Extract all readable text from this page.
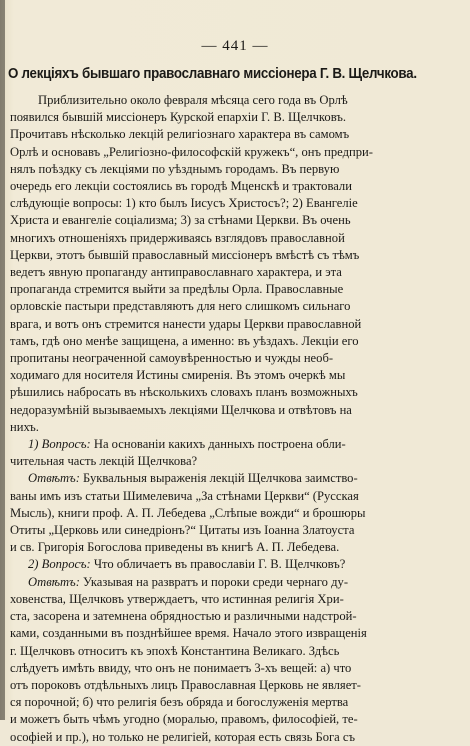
— 441 —
О лекціяхъ бывшаго православнаго миссіонера Г. В. Щелчкова.
Приблизительно около февраля мѣсяца сего года въ Орлѣ
появился бывшій миссіонеръ Курской епархіи Г. В. Щелчковъ.
Прочитавъ нѣсколько лекцій религіознаго характера въ самомъ
Орлѣ и основавъ „Религіозно-философскій кружекъ“, онъ предпри-
нялъ поѣздку съ лекціями по уѣзднымъ городамъ. Въ первую
очередь его лекціи состоялись въ городѣ Мценскѣ и трактовали
слѣдующіе вопросы: 1) кто былъ Іисусъ Христосъ?; 2) Евангеліе
Христа и евангеліе соціализма; 3) за стѣнами Церкви. Въ очень
многихъ отношеніяхъ придерживаясь взглядовъ православной
Церкви, этотъ бывшій православный миссіонеръ вмѣстѣ съ тѣмъ
ведетъ явную пропаганду антиправославнаго характера, и эта
пропаганда стремится выйти за предѣлы Орла. Православные
орловскіе пастыри представляютъ для него слишкомъ сильнаго
врага, и вотъ онъ стремится нанести удары Церкви православной
тамъ, гдѣ оно менѣе защищена, а именно: въ уѣздахъ. Лекціи его
пропитаны неограченной самоувѣренностью и чужды необ-
ходимаго для носителя Истины смиренія. Въ этомъ очеркѣ мы
рѣшились набросать въ нѣсколькихъ словахъ планъ возможныхъ
недоразумѣній вызываемыхъ лекціями Щелчкова и отвѣтовъ на
нихъ.
1) Вопросъ: На основаніи какихъ данныхъ построена обли-
чительная часть лекцій Щелчкова?
Отвѣтъ: Буквальныя выраженія лекцій Щелчкова заимство-
ваны имъ изъ статьи Шимелевича „За стѣнами Церкви“ (Русская
Мысль), книги проф. А. П. Лебедева „Слѣпые вожди“ и брошюры
Отиты „Церковь или синедріонъ?“ Цитаты изъ Іоанна Златоуста
и св. Григорія Богослова приведены въ книгѣ А. П. Лебедева.
2) Вопросъ: Что обличаетъ въ православіи Г. В. Щелчковъ?
Отвѣтъ: Указывая на развратъ и пороки среди чернаго ду-
ховенства, Щелчковъ утверждаетъ, что истинная религія Хри-
ста, засорена и затемнена обрядностью и различными надстрой-
ками, созданными въ позднѣйшее время. Начало этого извращенія
г. Щелчковъ относитъ къ эпохѣ Константина Великаго. Здѣсь
слѣдуетъ имѣть ввиду, что онъ не понимаетъ 3-хъ вещей: а) что
отъ пороковъ отдѣльныхъ лицъ Православная Церковь не являет-
ся порочной; б) что религія безъ обряда и богослуженія мертва
и можетъ быть чѣмъ угодно (моралью, правомъ, философіей, те-
ософіей и пр.), но только не религіей, которая есть связь Бога съ
